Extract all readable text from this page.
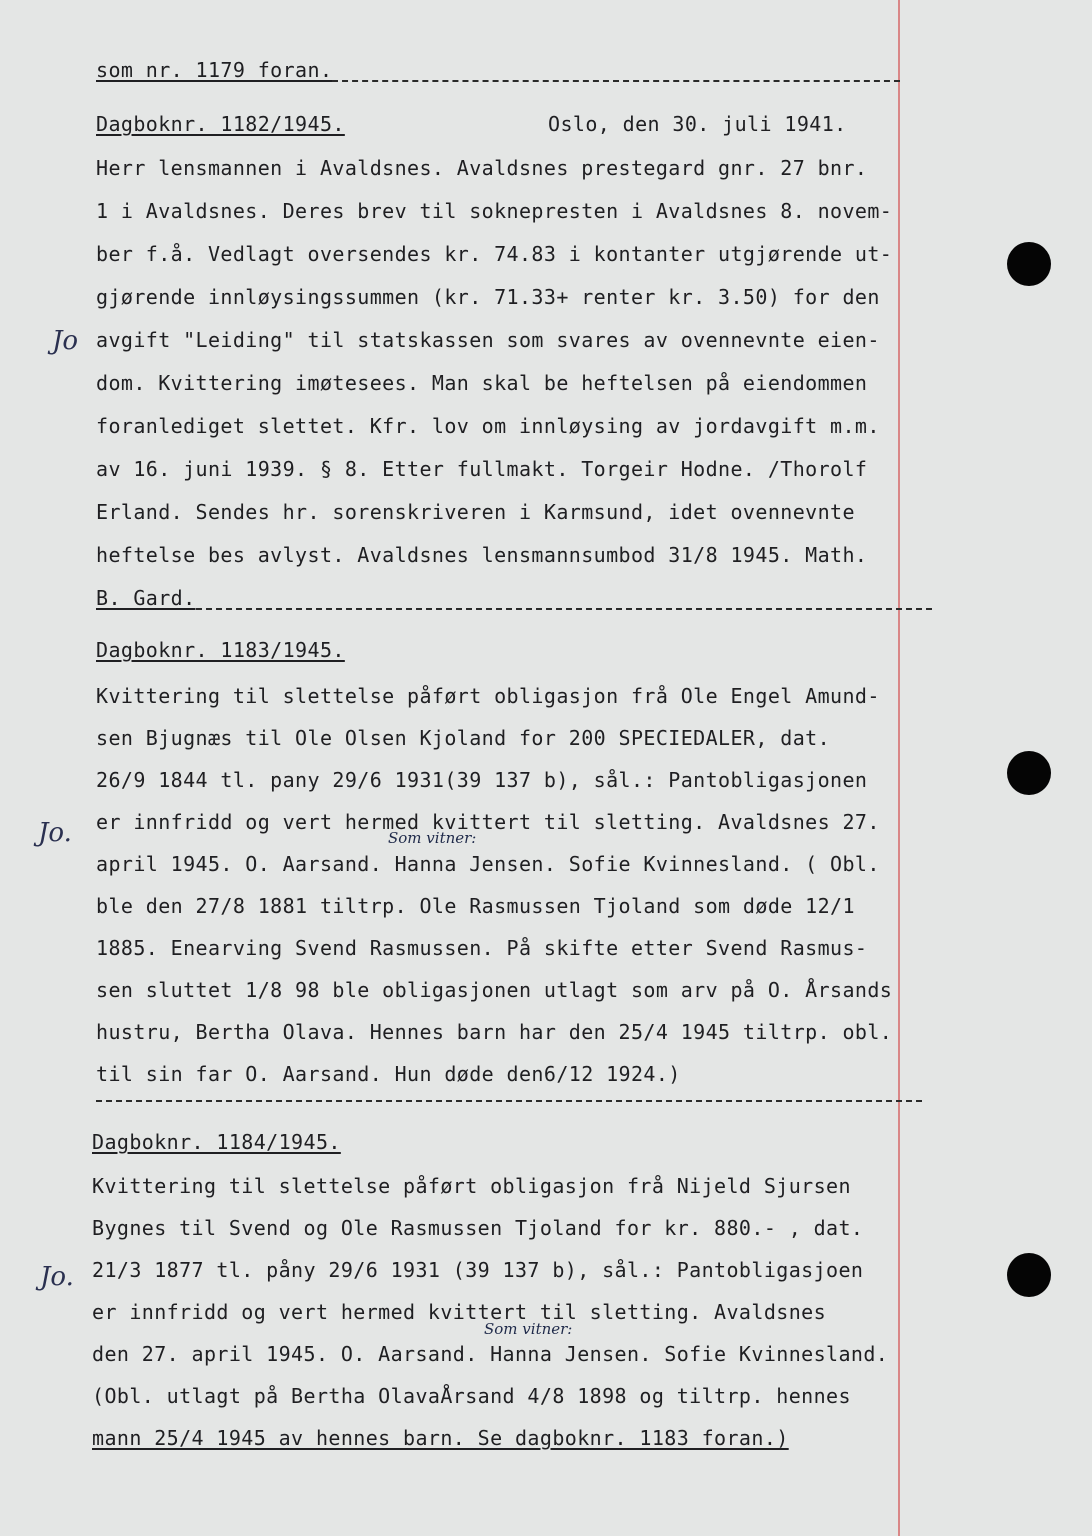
som nr. 1179 foran.
Dagboknr. 1182/1945.	Oslo, den 30. juli 1941.
Herr lensmannen i Avaldsnes. Avaldsnes prestegard gnr. 27 bnr.
1 i Avaldsnes. Deres brev til soknepresten i Avaldsnes 8. novem-
ber f.å. Vedlagt oversendes kr. 74.83 i kontanter utgjørende ut-
gjørende innløysingssummen (kr. 71.33+ renter kr. 3.50) for den
avgift "Leiding" til statskassen som svares av ovennevnte eien-
dom. Kvittering imøtesees. Man skal be heftelsen på eiendommen
foranlediget slettet. Kfr. lov om innløysing av jordavgift m.m.
av 16. juni 1939. § 8. Etter fullmakt. Torgeir Hodne. /Thorolf
Erland. Sendes hr. sorenskriveren i Karmsund, idet ovennevnte
heftelse bes avlyst. Avaldsnes lensmannsumbod 31/8 1945. Math.
B. Gard.
Jo
Dagboknr. 1183/1945.
Kvittering til slettelse påført obligasjon frå Ole Engel Amund-
sen Bjugnæs til Ole Olsen Kjoland for 200 SPECIEDALER, dat.
26/9 1844 tl. pany 29/6 1931(39 137 b), sål.: Pantobligasjonen
er innfridd og vert hermed kvittert til sletting. Avaldsnes 27.
april 1945. O. Aarsand. Hanna Jensen. Sofie Kvinnesland. ( Obl.
ble den 27/8 1881 tiltrp. Ole Rasmussen Tjoland som døde 12/1
1885. Enearving Svend Rasmussen. På skifte etter Svend Rasmus-
sen sluttet 1/8 98 ble obligasjonen utlagt som arv på O. Årsands
hustru, Bertha Olava. Hennes barn har den 25/4 1945 tiltrp. obl.
til sin far O. Aarsand. Hun døde den6/12 1924.)
Som vitner:
Jo.
Dagboknr. 1184/1945.
Kvittering til slettelse påført obligasjon frå Nijeld Sjursen
Bygnes til Svend og Ole Rasmussen Tjoland for kr. 880.- , dat.
21/3 1877 tl. påny 29/6 1931 (39 137 b), sål.: Pantobligasjoen
er innfridd og vert hermed kvittert til sletting. Avaldsnes
den 27. april 1945. O. Aarsand. Hanna Jensen. Sofie Kvinnesland.
(Obl. utlagt på Bertha OlavaÅrsand 4/8 1898 og tiltrp. hennes
mann 25/4 1945 av hennes barn. Se dagboknr. 1183 foran.)
Som vitner:
Jo.
